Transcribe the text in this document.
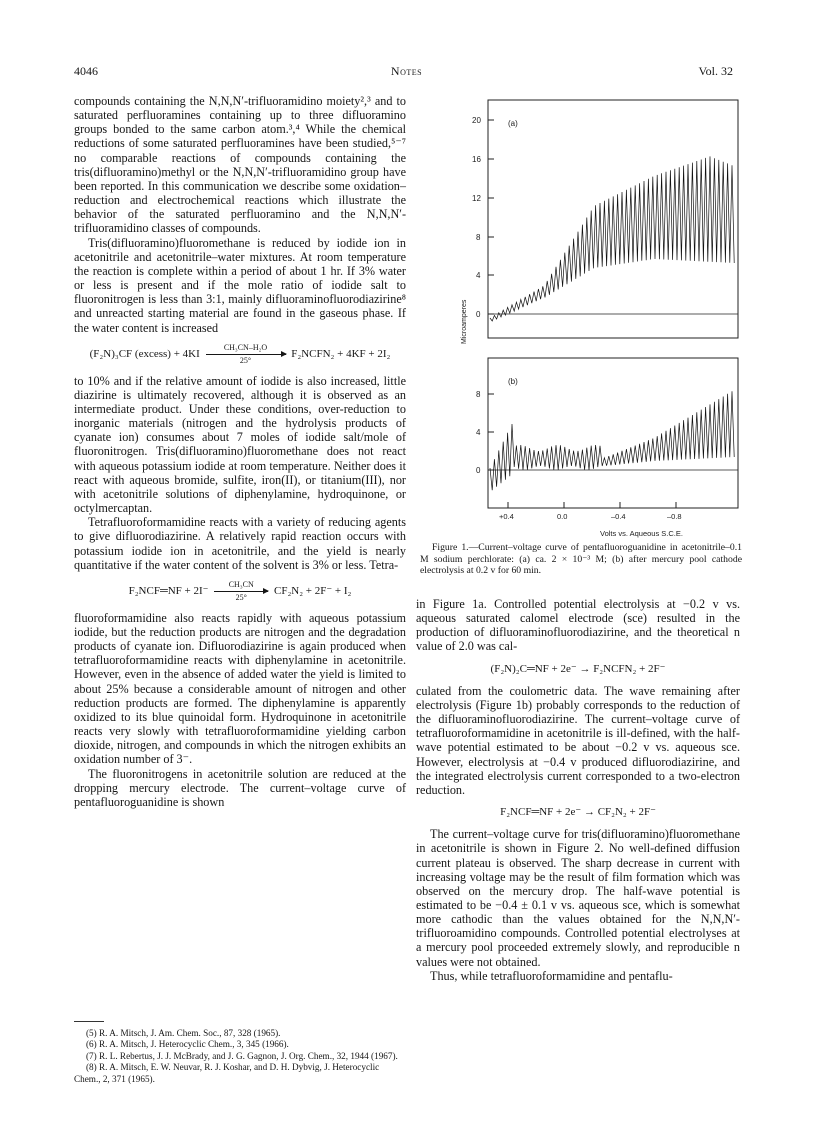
4046	Notes	Vol. 32

compounds containing the N,N,N′-trifluoramidino moiety²,³ and to saturated perfluoramines containing up to three difluoramino groups bonded to the same carbon atom.³,⁴ While the chemical reductions of some saturated perfluoramines have been studied,⁵⁻⁷ no comparable reactions of compounds containing the tris(difluoramino)methyl or the N,N,N′-trifluoramidino group have been reported. In this communication we describe some oxidation–reduction and electrochemical reactions which illustrate the behavior of the saturated perfluoramino and the N,N,N′-trifluoramidino classes of compounds.

Tris(difluoramino)fluoromethane is reduced by iodide ion in acetonitrile and acetonitrile–water mixtures. At room temperature the reaction is complete within a period of about 1 hr. If 3% water or less is present and if the mole ratio of iodide salt to fluoronitrogen is less than 3:1, mainly difluoraminofluorodiazirine⁸ and unreacted starting material are found in the gaseous phase. If the water content is increased

(F₂N)₃CF (excess) + $4KI \frac{\text{CH₃CN–H₂O}}{25^\circ}$ F₂NCFN₂ + 4KF + 2I₂

to 10% and if the relative amount of iodide is also increased, little diazirine is ultimately recovered, although it is observed as an intermediate product. Under these conditions, over-reduction to inorganic materials (nitrogen and the hydrolysis products of cyanate ion) consumes about 7 moles of iodide salt/mole of fluoronitrogen. Tris(difluoramino)fluoromethane does not react with aqueous potassium iodide at room temperature. Neither does it react with aqueous bromide, sulfite, iron(II), or titanium(III), nor with acetonitrile solutions of diphenylamine, hydroquinone, or octylmercaptan.

Tetrafluoroformamidine reacts with a variety of reducing agents to give difluorodiazirine. A relatively rapid reaction occurs with potassium iodide ion in acetonitrile, and the yield is nearly quantitative if the water content of the solvent is 3% or less. Tetra-

F₂NCF═NF + $2I^- \frac{\text{CH₃CN}}{25^\circ} CF_2N_2 + 2F^- + I_2$

fluoroformamidine also reacts rapidly with aqueous potassium iodide, but the reduction products are nitrogen and the degradation products of cyanate ion. Difluorodiazirine is again produced when tetrafluoroformamidine reacts with diphenylamine in acetonitrile. However, even in the absence of added water the yield is limited to about 25% because a considerable amount of nitrogen and other reduction products are formed. The diphenylamine is apparently oxidized to its blue quinoidal form. Hydroquinone in acetonitrile reacts very slowly with tetrafluoroformamidine yielding carbon dioxide, nitrogen, and compounds in which the nitrogen exhibits an oxidation number of 3⁻.

The fluoronitrogens in acetonitrile solution are reduced at the dropping mercury electrode. The current–voltage curve of pentafluoroguanidine is shown

(5) R. A. Mitsch, J. Am. Chem. Soc., 87, 328 (1965).
(6) R. A. Mitsch, J. Heterocyclic Chem., 3, 345 (1966).
(7) R. L. Rebertus, J. J. McBrady, and J. G. Gagnon, J. Org. Chem., 32, 1944 (1967).
(8) R. A. Mitsch, E. W. Neuvar, R. J. Koshar, and D. H. Dybvig, J. Heterocyclic Chem., 2, 371 (1965).
20
16
12
8
4
0
8
4
0
+0.4	0.0	–0.4	–0.8
Volts vs. Aqueous S.C.E.
Microamperes
(a)
(b)
Figure 1.—Current–voltage curve of pentafluoroguanidine in acetonitrile–0.1 M sodium perchlorate: (a) ca. 2 × 10⁻³ M; (b) after mercury pool cathode electrolysis at 0.2 v for 60 min.

in Figure 1a. Controlled potential electrolysis at −0.2 v vs. aqueous saturated calomel electrode (sce) resulted in the production of difluoraminofluorodiazirine, and the theoretical n value of 2.0 was cal-

(F₂N)₂C═NF + 2e⁻ → F₂NCFN₂ + 2F⁻

culated from the coulometric data. The wave remaining after electrolysis (Figure 1b) probably corresponds to the reduction of the difluoraminofluorodiazirine. The current–voltage curve of tetrafluoroformamidine in acetonitrile is ill-defined, with the half-wave potential estimated to be about −0.2 v vs. aqueous sce. However, electrolysis at −0.4 v produced difluorodiazirine, and the integrated electrolysis current corresponded to a two-electron reduction.

F₂NCF═NF + 2e⁻ → CF₂N₂ + 2F⁻

The current–voltage curve for tris(difluoramino)fluoromethane in acetonitrile is shown in Figure 2. No well-defined diffusion current plateau is observed. The sharp decrease in current with increasing voltage may be the result of film formation which was observed on the mercury drop. The half-wave potential is estimated to be −0.4 ± 0.1 v vs. aqueous sce, which is somewhat more cathodic than the values obtained for the N,N,N′-trifluoroamidino compounds. Controlled potential electrolyses at a mercury pool proceeded extremely slowly, and reproducible n values were not obtained.

Thus, while tetrafluoroformamidine and pentaflu-
